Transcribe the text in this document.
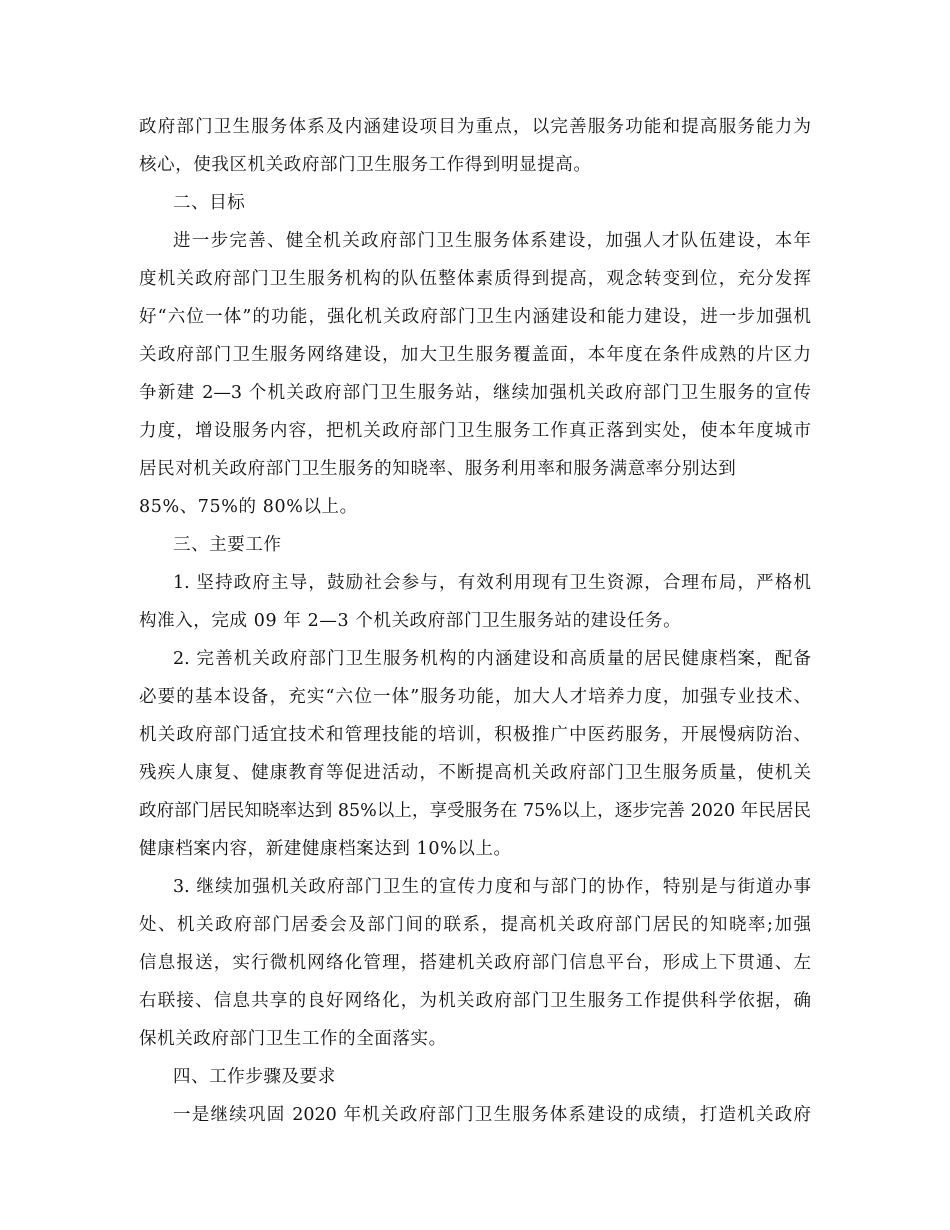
政府部门卫生服务体系及内涵建设项目为重点，以完善服务功能和提高服务能力为
核心，使我区机关政府部门卫生服务工作得到明显提高。
二、目标
进一步完善、健全机关政府部门卫生服务体系建设，加强人才队伍建设，本年
度机关政府部门卫生服务机构的队伍整体素质得到提高，观念转变到位，充分发挥
好“六位一体”的功能，强化机关政府部门卫生内涵建设和能力建设，进一步加强机
关政府部门卫生服务网络建设，加大卫生服务覆盖面，本年度在条件成熟的片区力
争新建 2—3 个机关政府部门卫生服务站，继续加强机关政府部门卫生服务的宣传
力度，增设服务内容，把机关政府部门卫生服务工作真正落到实处，使本年度城市
居民对机关政府部门卫生服务的知晓率、服务利用率和服务满意率分别达到
85%、75%的 80%以上。
三、主要工作
1. 坚持政府主导，鼓励社会参与，有效利用现有卫生资源，合理布局，严格机
构准入，完成 09 年 2—3 个机关政府部门卫生服务站的建设任务。
2. 完善机关政府部门卫生服务机构的内涵建设和高质量的居民健康档案，配备
必要的基本设备，充实“六位一体”服务功能，加大人才培养力度，加强专业技术、
机关政府部门适宜技术和管理技能的培训，积极推广中医药服务，开展慢病防治、
残疾人康复、健康教育等促进活动，不断提高机关政府部门卫生服务质量，使机关
政府部门居民知晓率达到 85%以上，享受服务在 75%以上，逐步完善 2020 年民居民
健康档案内容，新建健康档案达到 10%以上。
3. 继续加强机关政府部门卫生的宣传力度和与部门的协作，特别是与街道办事
处、机关政府部门居委会及部门间的联系，提高机关政府部门居民的知晓率;加强
信息报送，实行微机网络化管理，搭建机关政府部门信息平台，形成上下贯通、左
右联接、信息共享的良好网络化，为机关政府部门卫生服务工作提供科学依据，确
保机关政府部门卫生工作的全面落实。
四、工作步骤及要求
一是继续巩固 2020 年机关政府部门卫生服务体系建设的成绩，打造机关政府
